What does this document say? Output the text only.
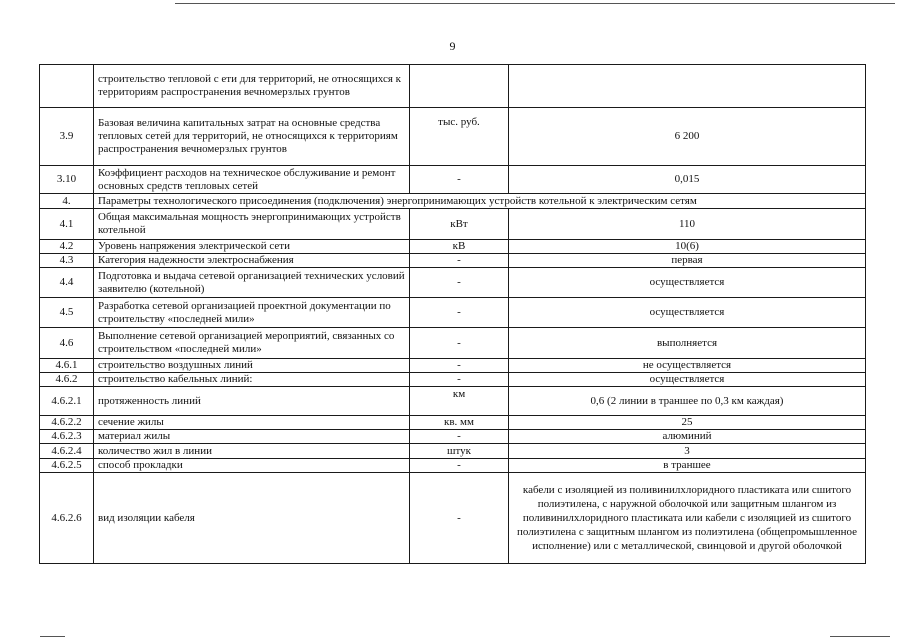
9
	строительство тепловой с ети для территорий, не относящихся к территориям распространения вечномерзлых грунтов		
3.9	Базовая величина капитальных затрат на основные средства тепловых сетей для территорий, не относящихся к территориям распространения вечномерзлых грунтов	тыс. руб.	6 200
3.10	Коэффициент расходов на техническое обслуживание и ремонт основных средств тепловых сетей	-	0,015
4.	Параметры технологического присоединения (подключения) энергопринимающих устройств котельной к электрическим сетям		
4.1	Общая максимальная мощность энергопринимающих устройств котельной	кВт	110
4.2	Уровень напряжения электрической сети	кВ	10(6)
4.3	Категория надежности электроснабжения	-	первая
4.4	Подготовка и выдача сетевой организацией технических условий заявителю (котельной)	-	осуществляется
4.5	Разработка сетевой организацией проектной документации по строительству «последней мили»	-	осуществляется
4.6	Выполнение сетевой организацией мероприятий, связанных со строительством «последней мили»	-	выполняется
4.6.1	строительство воздушных линий	-	не осуществляется
4.6.2	строительство кабельных линий:	-	осуществляется
4.6.2.1	протяженность линий	км	0,6 (2 линии в траншее по 0,3 км каждая)
4.6.2.2	сечение жилы	кв. мм	25
4.6.2.3	материал жилы	-	алюминий
4.6.2.4	количество жил в линии	штук	3
4.6.2.5	способ прокладки	-	в траншее
4.6.2.6	вид изоляции кабеля	-	кабели с изоляцией из поливинилхлоридного пластиката или сшитого полиэтилена, с наружной оболочкой или защитным шлангом из поливинилхлоридного пластиката или кабели с изоляцией из сшитого полиэтилена с защитным шлангом из полиэтилена (общепромышленное исполнение) или с металлической, свинцовой и другой оболочкой
